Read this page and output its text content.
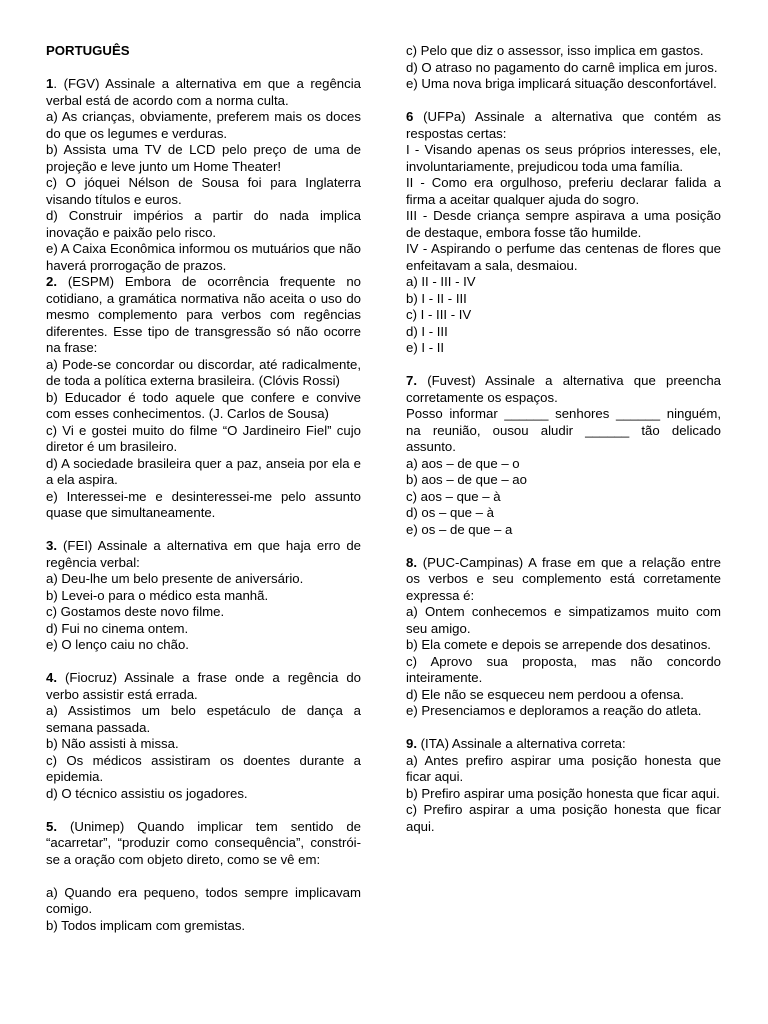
PORTUGUÊS

1. (FGV) Assinale a alternativa em que a regência verbal está de acordo com a norma culta.

a) As crianças, obviamente, preferem mais os doces do que os legumes e verduras.

b) Assista uma TV de LCD pelo preço de uma de projeção e leve junto um Home Theater!

c) O jóquei Nélson de Sousa foi para Inglaterra visando títulos e euros.

d) Construir impérios a partir do nada implica inovação e paixão pelo risco.

e) A Caixa Econômica informou os mutuários que não haverá prorrogação de prazos.

2. (ESPM) Embora de ocorrência frequente no cotidiano, a gramática normativa não aceita o uso do mesmo complemento para verbos com regências diferentes. Esse tipo de transgressão só não ocorre na frase:

a) Pode-se concordar ou discordar, até radicalmente, de toda a política externa brasileira. (Clóvis Rossi)

b) Educador é todo aquele que confere e convive com esses conhecimentos. (J. Carlos de Sousa)

c) Vi e gostei muito do filme “O Jardineiro Fiel” cujo diretor é um brasileiro.

d) A sociedade brasileira quer a paz, anseia por ela e a ela aspira.

e) Interessei-me e desinteressei-me pelo assunto quase que simultaneamente.

3. (FEI) Assinale a alternativa em que haja erro de regência verbal:

a) Deu-lhe um belo presente de aniversário.

b) Levei-o para o médico esta manhã.

c) Gostamos deste novo filme.

d) Fui no cinema ontem.

e) O lenço caiu no chão.

4. (Fiocruz) Assinale a frase onde a regência do verbo assistir está errada.

a) Assistimos um belo espetáculo de dança a semana passada.

b) Não assisti à missa.

c) Os médicos assistiram os doentes durante a epidemia.

d) O técnico assistiu os jogadores.

5. (Unimep) Quando implicar tem sentido de “acarretar”, “produzir como consequência”, constrói-se a oração com objeto direto, como se vê em:

a) Quando era pequeno, todos sempre implicavam comigo.

b) Todos implicam com gremistas.

c) Pelo que diz o assessor, isso implica em gastos.

d) O atraso no pagamento do carnê implica em juros.

e) Uma nova briga implicará situação desconfortável.

6 (UFPa) Assinale a alternativa que contém as respostas certas:

I - Visando apenas os seus próprios interesses, ele, involuntariamente, prejudicou toda uma família.

II - Como era orgulhoso, preferiu declarar falida a firma a aceitar qualquer ajuda do sogro.

III - Desde criança sempre aspirava a uma posição de destaque, embora fosse tão humilde.

IV - Aspirando o perfume das centenas de flores que enfeitavam a sala, desmaiou.

a) II - III - IV

b) I - II - III

c) I - III - IV

d) I - III

e) I - II

7. (Fuvest) Assinale a alternativa que preencha corretamente os espaços.

Posso informar ______ senhores ______ ninguém, na reunião, ousou aludir ______ tão delicado assunto.

a) aos – de que – o

b) aos – de que – ao

c) aos – que – à

d) os – que – à

e) os – de que – a

8. (PUC-Campinas) A frase em que a relação entre os verbos e seu complemento está corretamente expressa é:

a) Ontem conhecemos e simpatizamos muito com seu amigo.

b) Ela comete e depois se arrepende dos desatinos.

c) Aprovo sua proposta, mas não concordo inteiramente.

d) Ele não se esqueceu nem perdoou a ofensa.

e) Presenciamos e deploramos a reação do atleta.

9. (ITA) Assinale a alternativa correta:

a) Antes prefiro aspirar uma posição honesta que ficar aqui.

b) Prefiro aspirar uma posição honesta que ficar aqui.

c) Prefiro aspirar a uma posição honesta que ficar aqui.
